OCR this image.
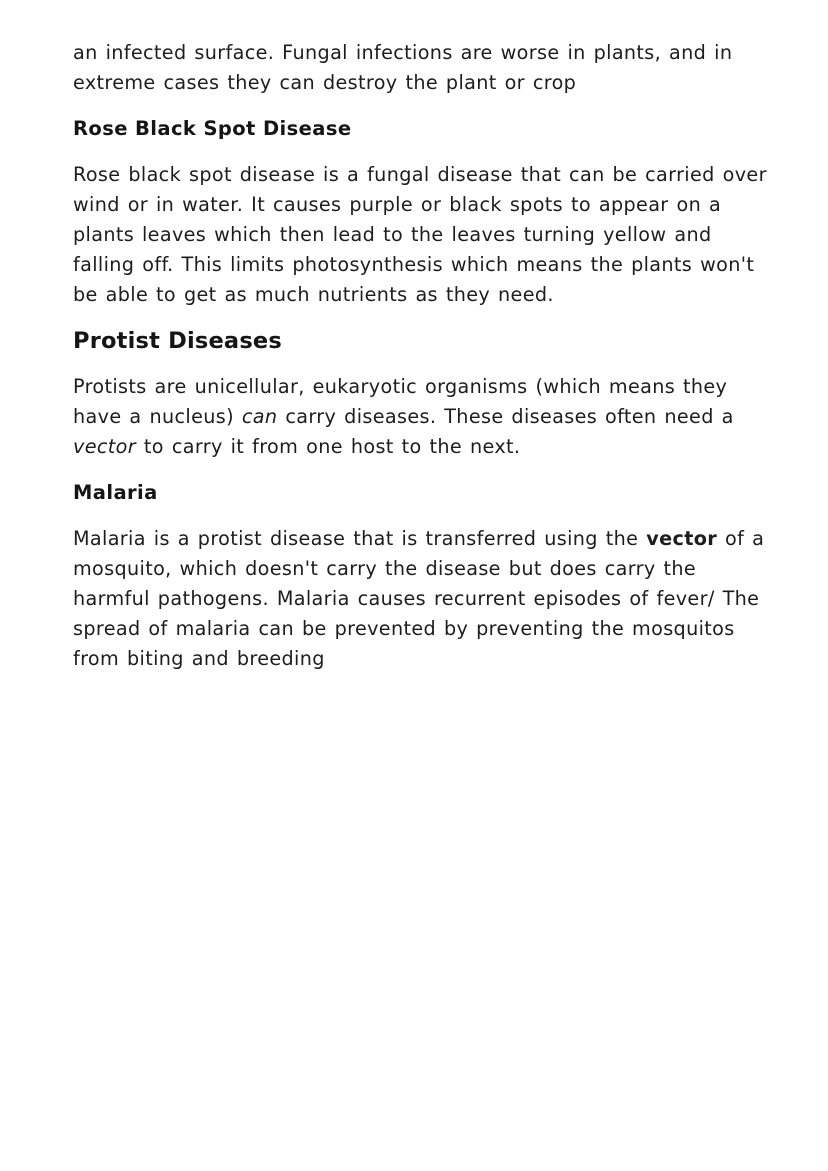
an infected surface. Fungal infections are worse in plants, and in extreme cases they can destroy the plant or crop

Rose Black Spot Disease

Rose black spot disease is a fungal disease that can be carried over wind or in water. It causes purple or black spots to appear on a plants leaves which then lead to the leaves turning yellow and falling off. This limits photosynthesis which means the plants won't be able to get as much nutrients as they need.

Protist Diseases

Protists are unicellular, eukaryotic organisms (which means they have a nucleus) can carry diseases. These diseases often need a vector to carry it from one host to the next.

Malaria

Malaria is a protist disease that is transferred using the vector of a mosquito, which doesn't carry the disease but does carry the harmful pathogens. Malaria causes recurrent episodes of fever/ The spread of malaria can be prevented by preventing the mosquitos from biting and breeding
